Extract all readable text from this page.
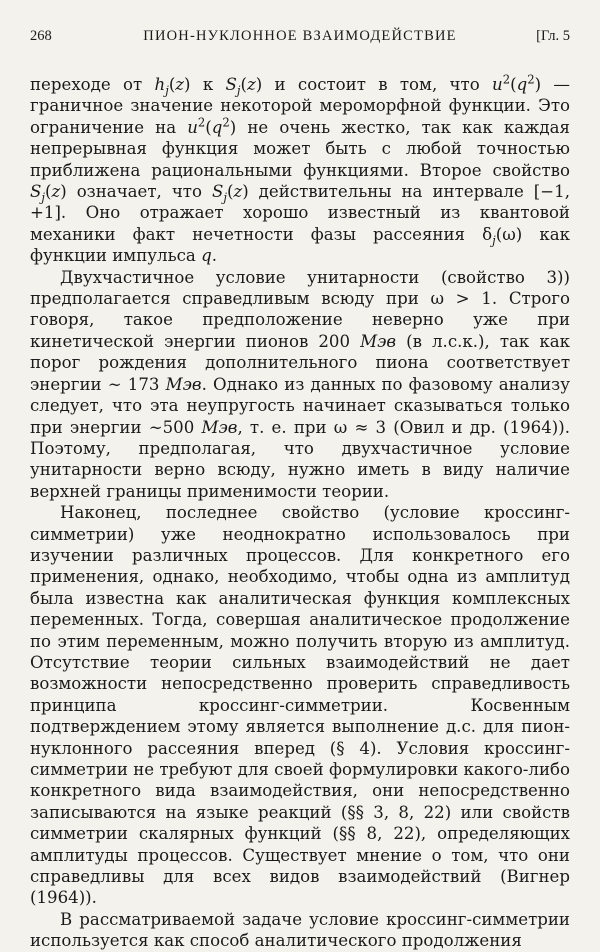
268	ПИОН-НУКЛОННОЕ ВЗАИМОДЕЙСТВИЕ	[Гл. 5

переходе от $h_j(z)$ к $S_j(z)$ и состоит в том, что $u^2(q^2)$ — граничное значение некоторой мероморфной функции. Это ограничение на $u^2(q^2)$ не очень жестко, так как каждая непрерывная функция может быть с любой точностью приближена рациональными функциями. Второе свойство $S_j(z)$ означает, что $S_j(z)$ действительны на интервале [−1, +1]. Оно отражает хорошо известный из квантовой механики факт нечетности фазы рассеяния $\delta_j(\omega)$ как функции импульса q.

Двухчастичное условие унитарности (свойство 3)) предполагается справедливым всюду при ω > 1. Строго говоря, такое предположение неверно уже при кинетической энергии пионов 200 Мэв (в л.с.к.), так как порог рождения дополнительного пиона соответствует энергии ∼ 173 Мэв. Однако из данных по фазовому анализу следует, что эта неупругость начинает сказываться только при энергии ∼500 Мэв, т. е. при ω ≈ 3 (Овил и др. (1964)). Поэтому, предполагая, что двухчастичное условие унитарности верно всюду, нужно иметь в виду наличие верхней границы применимости теории.

Наконец, последнее свойство (условие кроссинг-симметрии) уже неоднократно использовалось при изучении различных процессов. Для конкретного его применения, однако, необходимо, чтобы одна из амплитуд была известна как аналитическая функция комплексных переменных. Тогда, совершая аналитическое продолжение по этим переменным, можно получить вторую из амплитуд. Отсутствие теории сильных взаимодействий не дает возможности непосредственно проверить справедливость принципа кроссинг-симметрии. Косвенным подтверждением этому является выполнение д.с. для пион-нуклонного рассеяния вперед (§ 4). Условия кроссинг-симметрии не требуют для своей формулировки какого-либо конкретного вида взаимодействия, они непосредственно записываются на языке реакций (§§ 3, 8, 22) или свойств симметрии скалярных функций (§§ 8, 22), определяющих амплитуды процессов. Существует мнение о том, что они справедливы для всех видов взаимодействий (Вигнер (1964)).

В рассматриваемой задаче условие кроссинг-симметрии используется как способ аналитического продолжения
